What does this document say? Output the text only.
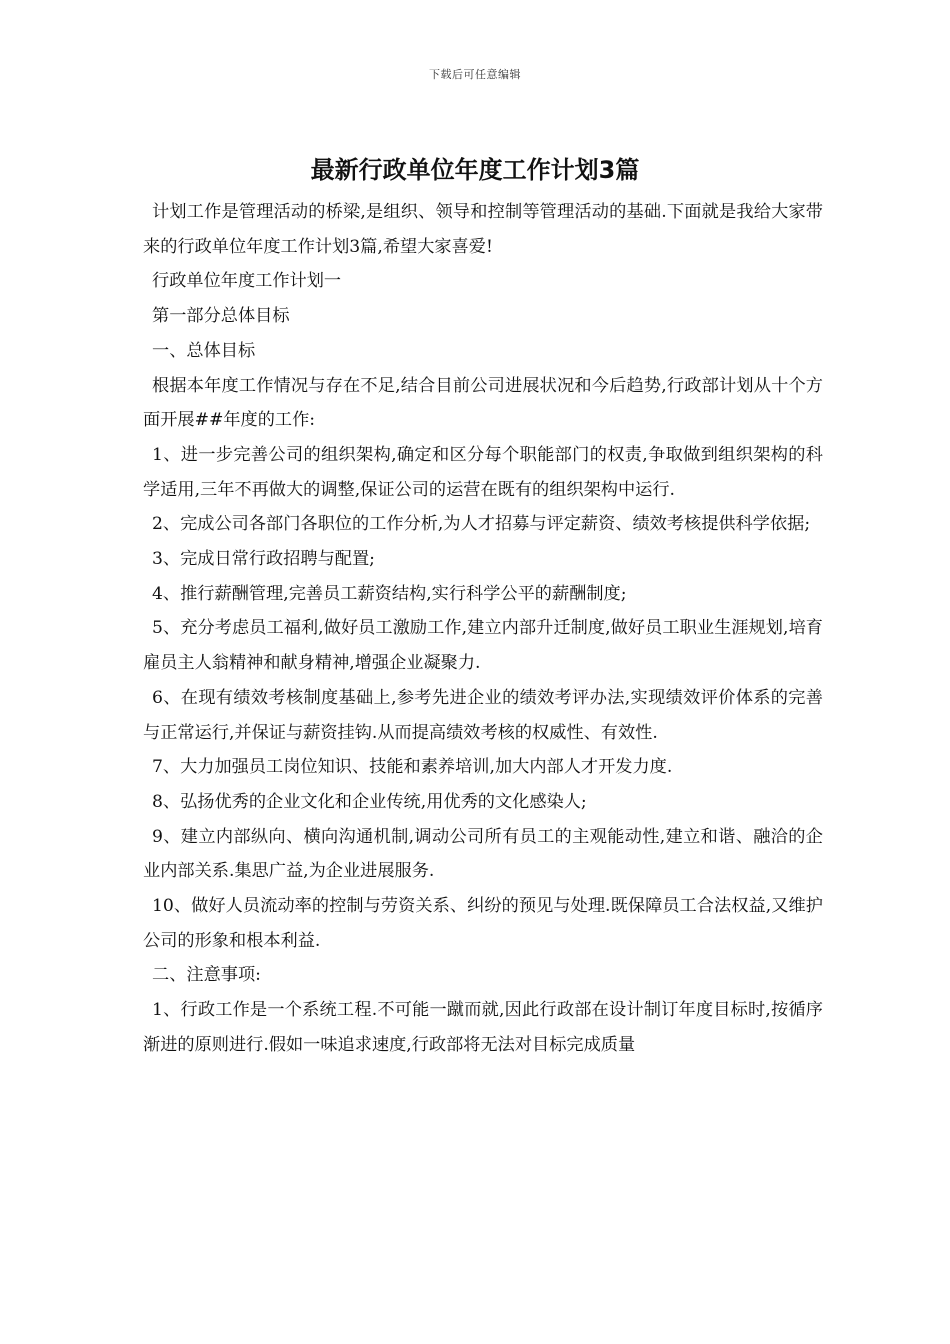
下载后可任意编辑
最新行政单位年度工作计划3篇

计划工作是管理活动的桥梁,是组织、领导和控制等管理活动的基础.下面就是我给大家带来的行政单位年度工作计划3篇,希望大家喜爱!

行政单位年度工作计划一

第一部分总体目标

一、总体目标

根据本年度工作情况与存在不足,结合目前公司进展状况和今后趋势,行政部计划从十个方面开展##年度的工作:

1、进一步完善公司的组织架构,确定和区分每个职能部门的权责,争取做到组织架构的科学适用,三年不再做大的调整,保证公司的运营在既有的组织架构中运行.

2、完成公司各部门各职位的工作分析,为人才招募与评定薪资、绩效考核提供科学依据;

3、完成日常行政招聘与配置;

4、推行薪酬管理,完善员工薪资结构,实行科学公平的薪酬制度;

5、充分考虑员工福利,做好员工激励工作,建立内部升迁制度,做好员工职业生涯规划,培育雇员主人翁精神和献身精神,增强企业凝聚力.

6、在现有绩效考核制度基础上,参考先进企业的绩效考评办法,实现绩效评价体系的完善与正常运行,并保证与薪资挂钩.从而提高绩效考核的权威性、有效性.

7、大力加强员工岗位知识、技能和素养培训,加大内部人才开发力度.

8、弘扬优秀的企业文化和企业传统,用优秀的文化感染人;

9、建立内部纵向、横向沟通机制,调动公司所有员工的主观能动性,建立和谐、融洽的企业内部关系.集思广益,为企业进展服务.

10、做好人员流动率的控制与劳资关系、纠纷的预见与处理.既保障员工合法权益,又维护公司的形象和根本利益.

二、注意事项:

1、行政工作是一个系统工程.不可能一蹴而就,因此行政部在设计制订年度目标时,按循序渐进的原则进行.假如一味追求速度,行政部将无法对目标完成质量
